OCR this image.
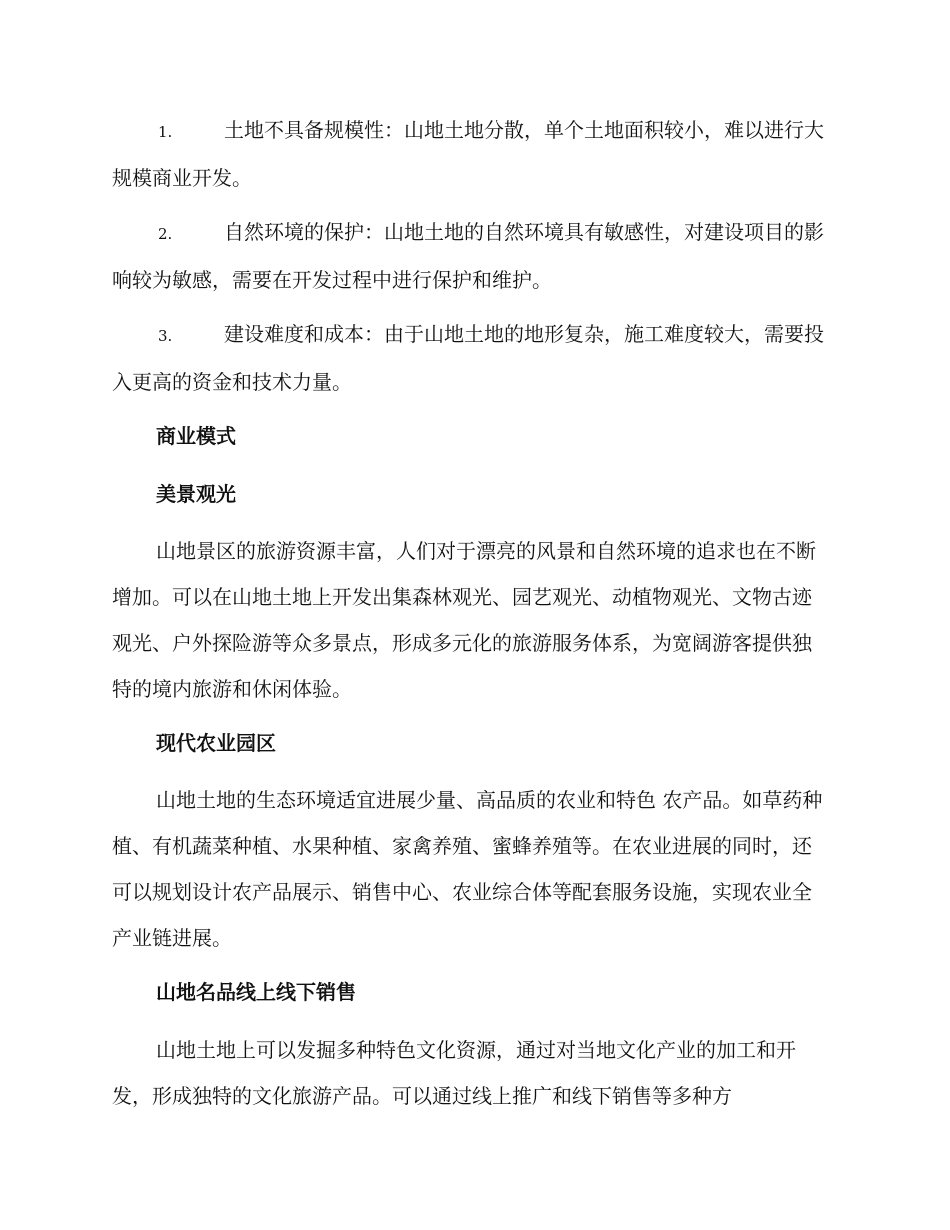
1.	土地不具备规模性：山地土地分散，单个土地面积较小，难以进行大规模商业开发。

2.	自然环境的保护：山地土地的自然环境具有敏感性，对建设项目的影响较为敏感，需要在开发过程中进行保护和维护。

3.	建设难度和成本：由于山地土地的地形复杂，施工难度较大，需要投入更高的资金和技术力量。

商业模式
美景观光

山地景区的旅游资源丰富，人们对于漂亮的风景和自然环境的追求也在不断增加。可以在山地土地上开发出集森林观光、园艺观光、动植物观光、文物古迹观光、户外探险游等众多景点，形成多元化的旅游服务体系，为宽阔游客提供独特的境内旅游和休闲体验。

现代农业园区

山地土地的生态环境适宜进展少量、高品质的农业和特色 农产品。如草药种植、有机蔬菜种植、水果种植、家禽养殖、蜜蜂养殖等。在农业进展的同时，还可以规划设计农产品展示、销售中心、农业综合体等配套服务设施，实现农业全产业链进展。

山地名品线上线下销售

山地土地上可以发掘多种特色文化资源，通过对当地文化产业的加工和开发，形成独特的文化旅游产品。可以通过线上推广和线下销售等多种方
